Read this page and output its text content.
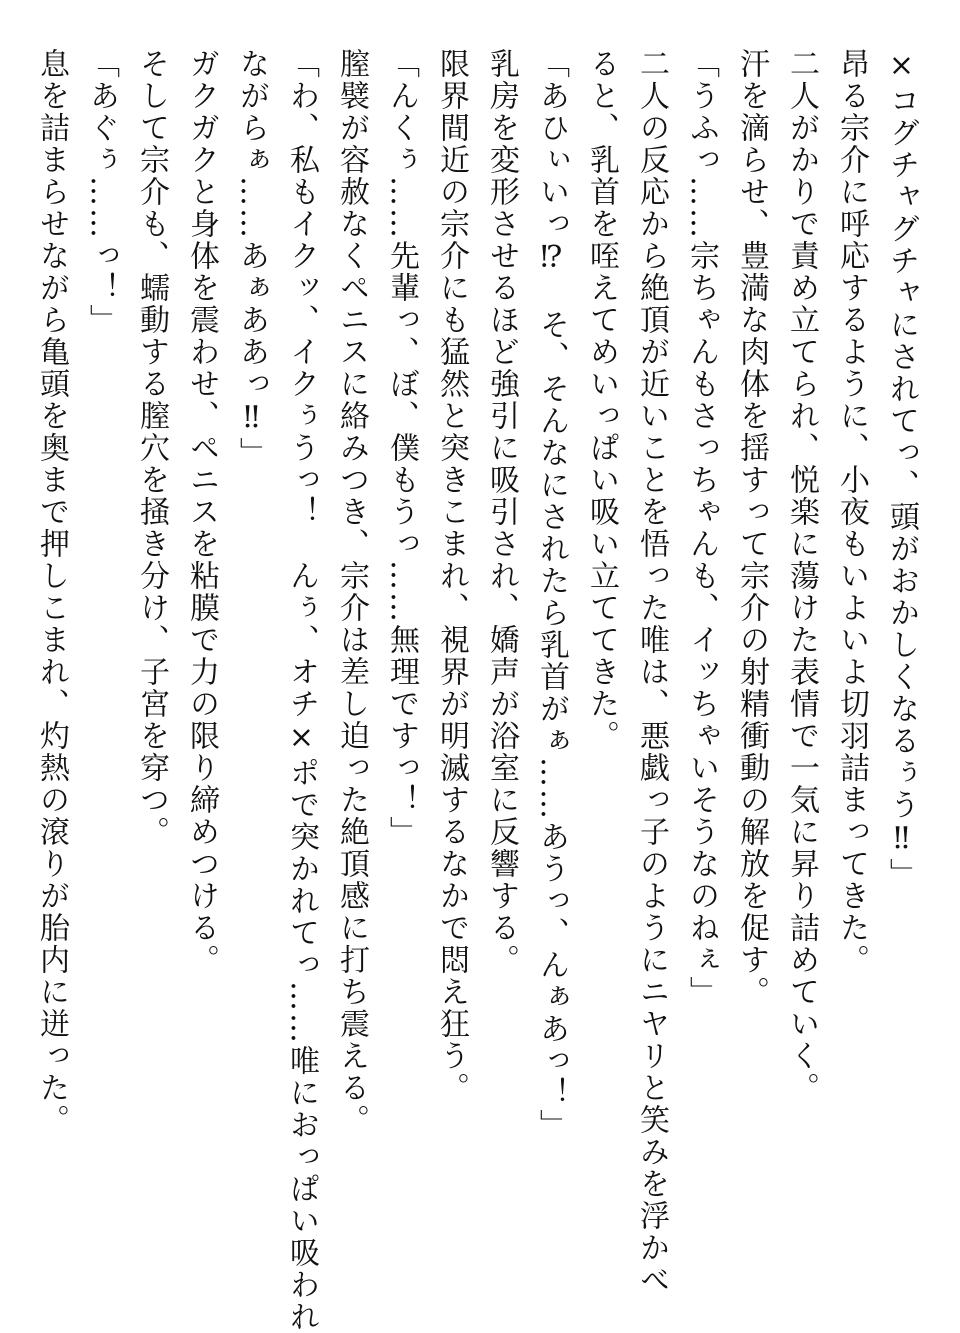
×コグチャグチャにされてっ、頭がおかしくなるぅう‼」
昂る宗介に呼応するように、小夜もいよいよ切羽詰まってきた。
二人がかりで責め立てられ、悦楽に蕩けた表情で一気に昇り詰めていく。
汗を滴らせ、豊満な肉体を揺すって宗介の射精衝動の解放を促す。
「うふっ……宗ちゃんもさっちゃんも、イッちゃいそうなのねぇ」
二人の反応から絶頂が近いことを悟った唯は、悪戯っ子のようにニヤリと笑みを浮かべ
ると、乳首を咥えてめいっぱい吸い立ててきた。
「あひぃいっ⁉　そ、そんなにされたら乳首がぁ……あうっ、んぁあっ！」
乳房を変形させるほど強引に吸引され、嬌声が浴室に反響する。
限界間近の宗介にも猛然と突きこまれ、視界が明滅するなかで悶え狂う。
「んくぅ……先輩っ、ぼ、僕もうっ……無理ですっ！」
膣襞が容赦なくペニスに絡みつき、宗介は差し迫った絶頂感に打ち震える。
「わ、私もイクッ、イクぅうっ！　んぅ、オチ×ポで突かれてっ……唯におっぱい吸われ
ながらぁ……あぁああっ‼」
ガクガクと身体を震わせ、ペニスを粘膜で力の限り締めつける。
そして宗介も、蠕動する膣穴を掻き分け、子宮を穿つ。
「あぐぅ……っ！」
息を詰まらせながら亀頭を奥まで押しこまれ、灼熱の滾りが胎内に迸った。
